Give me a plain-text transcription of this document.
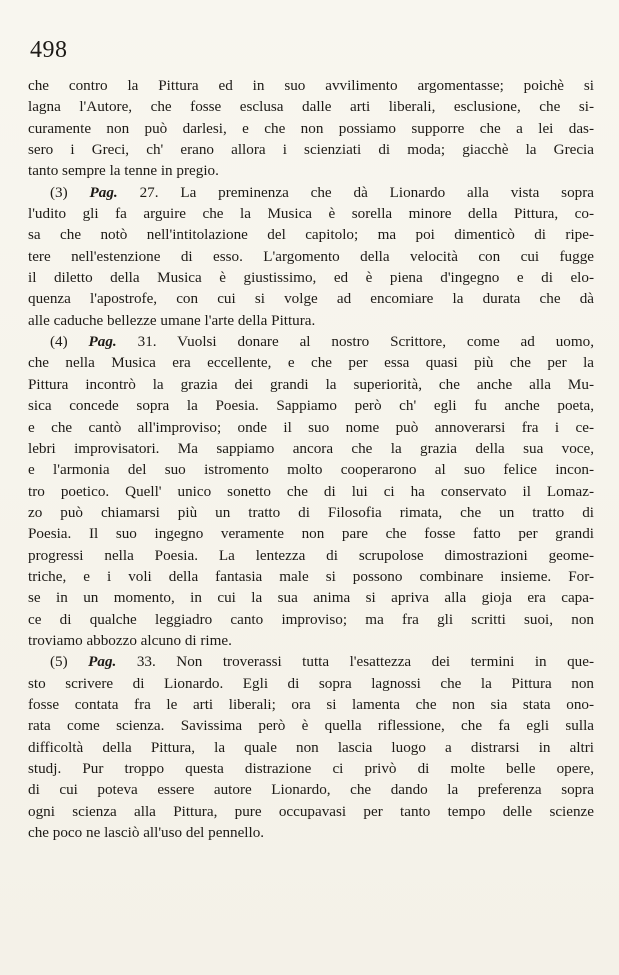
498

che contro la Pittura ed in suo avvilimento argomentasse; poichè si
lagna l'Autore, che fosse esclusa dalle arti liberali, esclusione, che si-
curamente non può darlesi, e che non possiamo supporre che a lei das-
sero i Greci, ch' erano allora i scienziati di moda; giacchè la Grecia
tanto sempre la tenne in pregio.

(3) Pag. 27. La preminenza che dà Lionardo alla vista sopra
l'udito gli fa arguire che la Musica è sorella minore della Pittura, co-
sa che notò nell'intitolazione del capitolo; ma poi dimenticò di ripe-
tere nell'estenzione di esso. L'argomento della velocità con cui fugge
il diletto della Musica è giustissimo, ed è piena d'ingegno e di elo-
quenza l'apostrofe, con cui si volge ad encomiare la durata che dà
alle caduche bellezze umane l'arte della Pittura.

(4) Pag. 31. Vuolsi donare al nostro Scrittore, come ad uomo,
che nella Musica era eccellente, e che per essa quasi più che per la
Pittura incontrò la grazia dei grandi la superiorità, che anche alla Mu-
sica concede sopra la Poesia. Sappiamo però ch' egli fu anche poeta,
e che cantò all'improviso; onde il suo nome può annoverarsi fra i ce-
lebri improvisatori. Ma sappiamo ancora che la grazia della sua voce,
e l'armonia del suo istromento molto cooperarono al suo felice incon-
tro poetico. Quell' unico sonetto che di lui ci ha conservato il Lomaz-
zo può chiamarsi più un tratto di Filosofia rimata, che un tratto di
Poesia. Il suo ingegno veramente non pare che fosse fatto per grandi
progressi nella Poesia. La lentezza di scrupolose dimostrazioni geome-
triche, e i voli della fantasia male si possono combinare insieme. For-
se in un momento, in cui la sua anima si apriva alla gioja era capa-
ce di qualche leggiadro canto improviso; ma fra gli scritti suoi, non
troviamo abbozzo alcuno di rime.

(5) Pag. 33. Non troverassi tutta l'esattezza dei termini in que-
sto scrivere di Lionardo. Egli di sopra lagnossi che la Pittura non
fosse contata fra le arti liberali; ora si lamenta che non sia stata ono-
rata come scienza. Savissima però è quella riflessione, che fa egli sulla
difficoltà della Pittura, la quale non lascia luogo a distrarsi in altri
studj. Pur troppo questa distrazione ci privò di molte belle opere,
di cui poteva essere autore Lionardo, che dando la preferenza sopra
ogni scienza alla Pittura, pure occupavasi per tanto tempo delle scienze
che poco ne lasciò all'uso del pennello.
